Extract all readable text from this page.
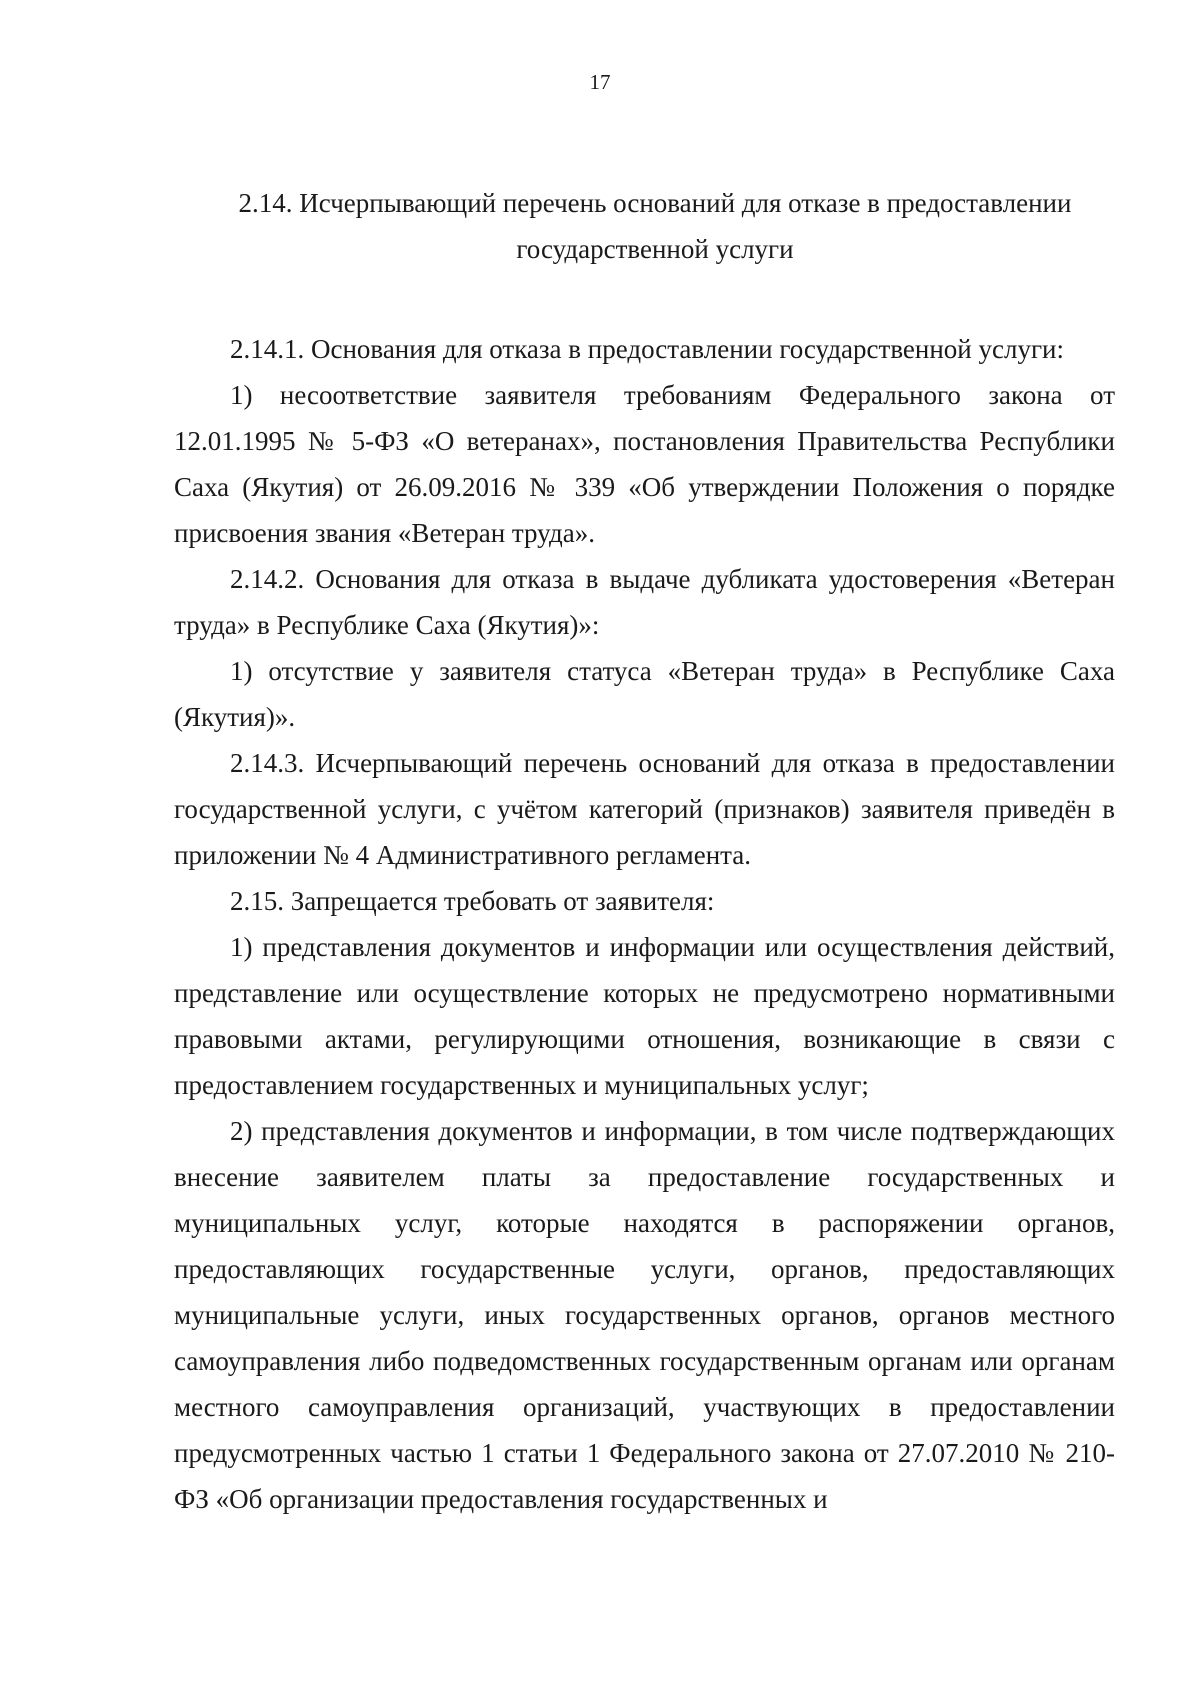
17
2.14. Исчерпывающий перечень оснований для отказе в предоставлении государственной услуги

2.14.1. Основания для отказа в предоставлении государственной услуги:

1) несоответствие заявителя требованиям Федерального закона от 12.01.1995 № 5-ФЗ «О ветеранах», постановления Правительства Республики Саха (Якутия) от 26.09.2016 № 339 «Об утверждении Положения о порядке присвоения звания «Ветеран труда».

2.14.2. Основания для отказа в выдаче дубликата удостоверения «Ветеран труда» в Республике Саха (Якутия)»:

1) отсутствие у заявителя статуса «Ветеран труда» в Республике Саха (Якутия)».

2.14.3. Исчерпывающий перечень оснований для отказа в предоставлении государственной услуги, с учётом категорий (признаков) заявителя приведён в приложении № 4 Административного регламента.

2.15. Запрещается требовать от заявителя:

1) представления документов и информации или осуществления действий, представление или осуществление которых не предусмотрено нормативными правовыми актами, регулирующими отношения, возникающие в связи с предоставлением государственных и муниципальных услуг;

2) представления документов и информации, в том числе подтверждающих внесение заявителем платы за предоставление государственных и муниципальных услуг, которые находятся в распоряжении органов, предоставляющих государственные услуги, органов, предоставляющих муниципальные услуги, иных государственных органов, органов местного самоуправления либо подведомственных государственным органам или органам местного самоуправления организаций, участвующих в предоставлении предусмотренных частью 1 статьи 1 Федерального закона от 27.07.2010 № 210-ФЗ «Об организации предоставления государственных и
